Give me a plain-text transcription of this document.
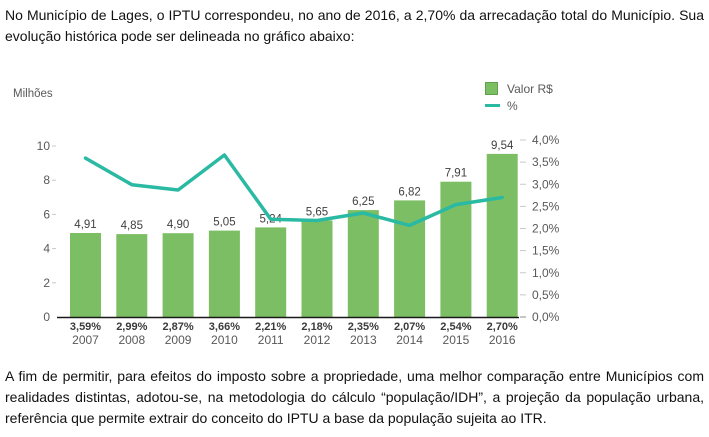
No Município de Lages, o IPTU correspondeu, no ano de 2016, a 2,70% da arrecadação total do Município. Sua evolução histórica pode ser delineada no gráfico abaixo:

Milhões	Valor R$
%
4,91 4,85 4,90 5,05 5,24
5,65
6,25
6,82
7,91
9,54
0
2
4
6
8
10
0,0%
0,5%
1,0%
1,5%
2,0%
2,5%
3,0%
3,5%
4,0%
3,59%
2007
2,99%
2008
2,87%
2009
3,66%
2010
2,21%
2011
2,18%
2012
2,35%
2013
2,07%
2014
2,54%
2015
2,70%
2016

A fim de permitir, para efeitos do imposto sobre a propriedade, uma melhor comparação entre Municípios com realidades distintas, adotou-se, na metodologia do cálculo “população/IDH”, a projeção da população urbana, referência que permite extrair do conceito do IPTU a base da população sujeita ao ITR.
